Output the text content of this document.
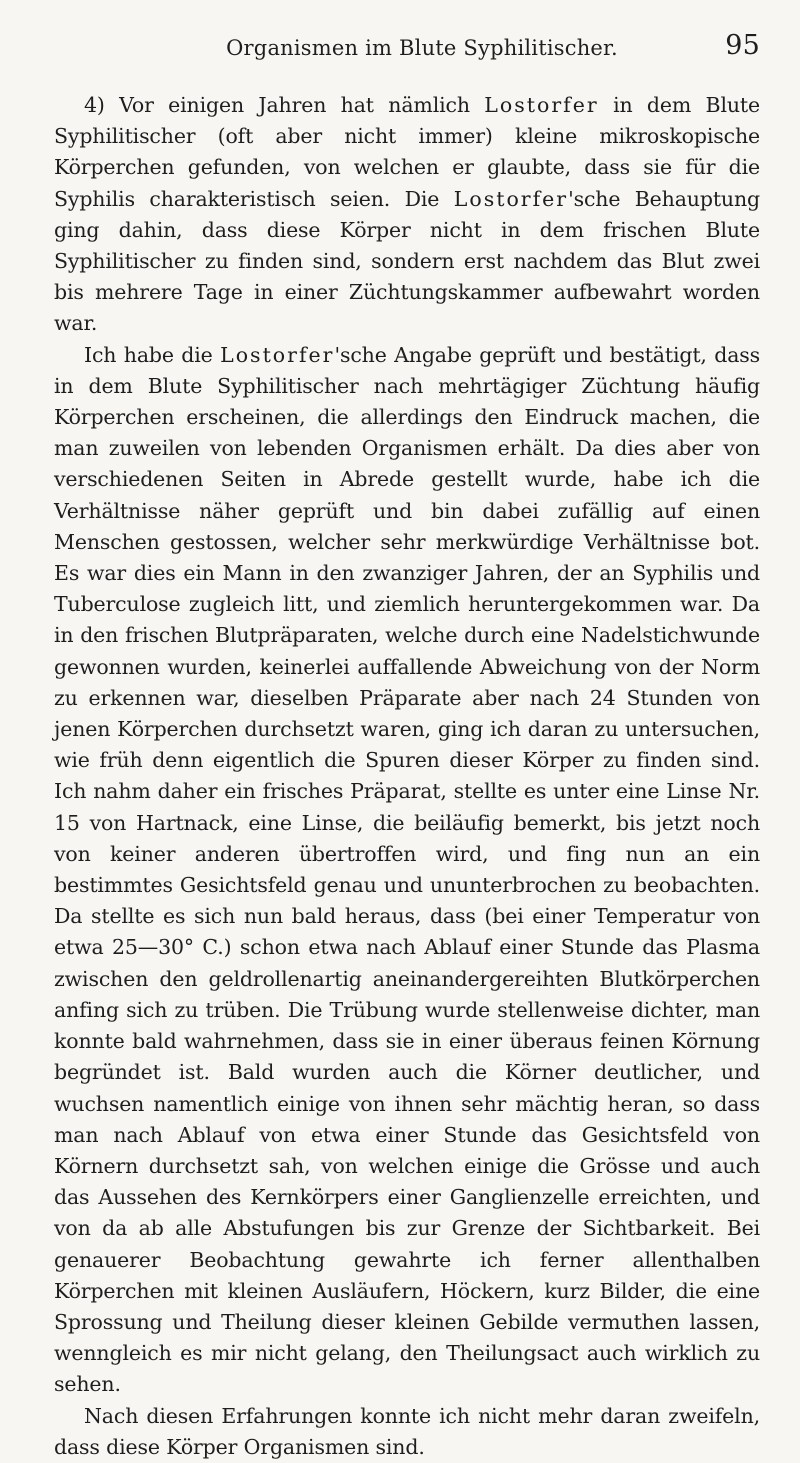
Organismen im Blute Syphilitischer.	95

4) Vor einigen Jahren hat nämlich Lostorfer in dem Blute Syphilitischer (oft aber nicht immer) kleine mikroskopische Körperchen gefunden, von welchen er glaubte, dass sie für die Syphilis charakteristisch seien. Die Lostorfer'sche Behauptung ging dahin, dass diese Körper nicht in dem frischen Blute Syphilitischer zu finden sind, sondern erst nachdem das Blut zwei bis mehrere Tage in einer Züchtungskammer aufbewahrt worden war.

Ich habe die Lostorfer'sche Angabe geprüft und bestätigt, dass in dem Blute Syphilitischer nach mehrtägiger Züchtung häufig Körperchen erscheinen, die allerdings den Eindruck machen, die man zuweilen von lebenden Organismen erhält. Da dies aber von verschiedenen Seiten in Abrede gestellt wurde, habe ich die Verhältnisse näher geprüft und bin dabei zufällig auf einen Menschen gestossen, welcher sehr merkwürdige Verhältnisse bot. Es war dies ein Mann in den zwanziger Jahren, der an Syphilis und Tuberculose zugleich litt, und ziemlich heruntergekommen war. Da in den frischen Blutpräparaten, welche durch eine Nadelstichwunde gewonnen wurden, keinerlei auffallende Abweichung von der Norm zu erkennen war, dieselben Präparate aber nach 24 Stunden von jenen Körperchen durchsetzt waren, ging ich daran zu untersuchen, wie früh denn eigentlich die Spuren dieser Körper zu finden sind. Ich nahm daher ein frisches Präparat, stellte es unter eine Linse Nr. 15 von Hartnack, eine Linse, die beiläufig bemerkt, bis jetzt noch von keiner anderen übertroffen wird, und fing nun an ein bestimmtes Gesichtsfeld genau und ununterbrochen zu beobachten. Da stellte es sich nun bald heraus, dass (bei einer Temperatur von etwa 25—30° C.) schon etwa nach Ablauf einer Stunde das Plasma zwischen den geldrollenartig aneinandergereihten Blutkörperchen anfing sich zu trüben. Die Trübung wurde stellenweise dichter, man konnte bald wahrnehmen, dass sie in einer überaus feinen Körnung begründet ist. Bald wurden auch die Körner deutlicher, und wuchsen namentlich einige von ihnen sehr mächtig heran, so dass man nach Ablauf von etwa einer Stunde das Gesichtsfeld von Körnern durchsetzt sah, von welchen einige die Grösse und auch das Aussehen des Kernkörpers einer Ganglienzelle erreichten, und von da ab alle Abstufungen bis zur Grenze der Sichtbarkeit. Bei genauerer Beobachtung gewahrte ich ferner allenthalben Körperchen mit kleinen Ausläufern, Höckern, kurz Bilder, die eine Sprossung und Theilung dieser kleinen Gebilde vermuthen lassen, wenngleich es mir nicht gelang, den Theilungsact auch wirklich zu sehen.

Nach diesen Erfahrungen konnte ich nicht mehr daran zweifeln, dass diese Körper Organismen sind.
